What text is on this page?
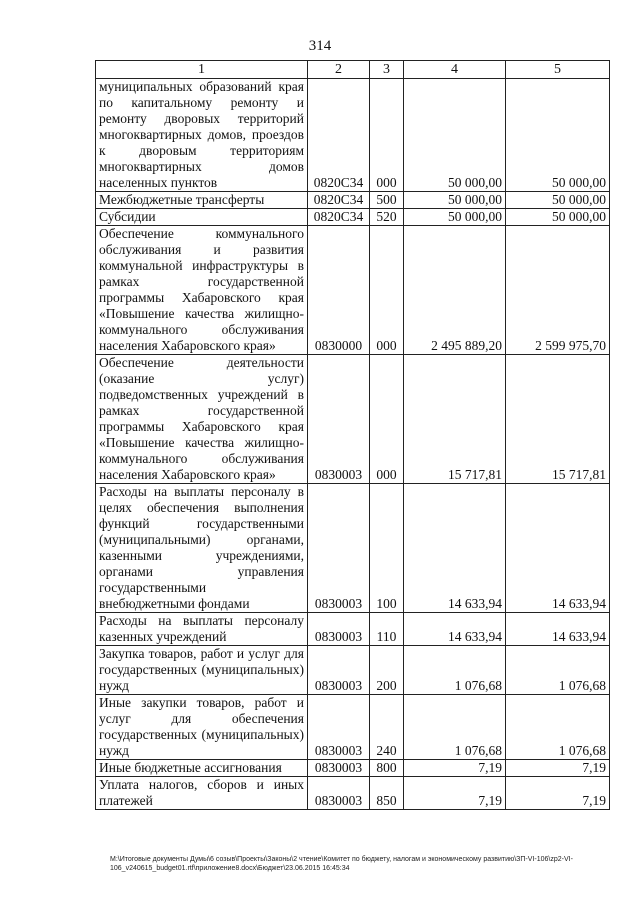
314
1	2	3	4	5
муниципальных образований края по капитальному ремонту и ремонту дворовых территорий многоквартирных домов, проездов к дворовым территориям многоквартирных домов населенных пунктов	0820С34	000	50 000,00	50 000,00
Межбюджетные трансферты	0820С34	500	50 000,00	50 000,00
Субсидии	0820С34	520	50 000,00	50 000,00
Обеспечение коммунального обслуживания и развития коммунальной инфраструктуры в рамках государственной программы Хабаровского края «Повышение качества жилищно-коммунального обслуживания населения Хабаровского края»	0830000	000	2 495 889,20	2 599 975,70
Обеспечение деятельности (оказание услуг) подведомственных учреждений в рамках государственной программы Хабаровского края «Повышение качества жилищно-коммунального обслуживания населения Хабаровского края»	0830003	000	15 717,81	15 717,81
Расходы на выплаты персоналу в целях обеспечения выполнения функций государственными (муниципальными) органами, казенными учреждениями, органами управления государственными внебюджетными фондами	0830003	100	14 633,94	14 633,94
Расходы на выплаты персоналу казенных учреждений	0830003	110	14 633,94	14 633,94
Закупка товаров, работ и услуг для государственных (муниципальных) нужд	0830003	200	1 076,68	1 076,68
Иные закупки товаров, работ и услуг для обеспечения государственных (муниципальных) нужд	0830003	240	1 076,68	1 076,68
Иные бюджетные ассигнования	0830003	800	7,19	7,19
Уплата налогов, сборов и иных платежей	0830003	850	7,19	7,19
M:\Итоговые документы Думы\6 созыв\Проекты\Законы\2 чтение\Комитет по бюджету, налогам и экономическому развитию\ЗП-VI-106\zp2-VI-106_v240615_budget01.rtf\приложение8.docx\Бюджет\23.06.2015 16:45:34
